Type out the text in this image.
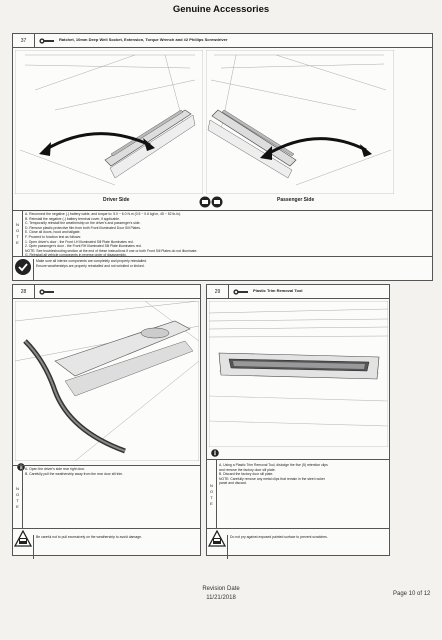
Genuine Accessories
37	Ratchet, 10mm Deep Well Socket, Extension, Torque Wrench and #2 Phillips Screwdriver
Driver Side	Passenger Side
N
O
T
E
A. Reconnect the negative (-) battery cable, and torque to: 5.0 ~ 6.0 N.m (0.5 ~ 0.6 kgf.m, 45 ~ 52 lb-in).
B. Reinstall the negative (-) battery terminal cover, if applicable.
C. Temporarily reinstall the weatherstrip on the driver's and passenger's side.
D. Remove plastic protective film from both Front Illuminated Door Sill Plates.
E. Close all doors, hood and tailgate.
F. Proceed to function test as follows:
1. Open driver's door - the Front LH Illuminated Sill Plate illuminates red.
2. Open passenger's door - the Front RH Illuminated Sill Plate illuminates red.
NOTE: See troubleshooting section at the end of these instructions if one or both Front Sill Plates do not illuminate.
G. Reinstall all vehicle components in reverse order of disassembly.
Make sure all interior components are completely and properly reinstalled.
Ensure weatherstrips are properly reinstalled and not wrinkled or kinked.
28
N
O
T
E
A. Open the driver's side rear right door.
B. Carefully pull the weatherstrip away from the rear door sill trim.
Be careful not to pull excessively on the weatherstrip to avoid damage.
29	Plastic Trim Removal Tool
N
O
T
E
A. Using a Plastic Trim Removal Tool, dislodge the five (5) retention clips
and remove the factory door sill plate.
B. Discard the factory door sill plate.
NOTE: Carefully remove any metal clips that remain in the steel rocker
panel and discard.
Do not pry against exposed painted surface to prevent scratches.
Revision Date
11/21/2018
Page 10 of 12
